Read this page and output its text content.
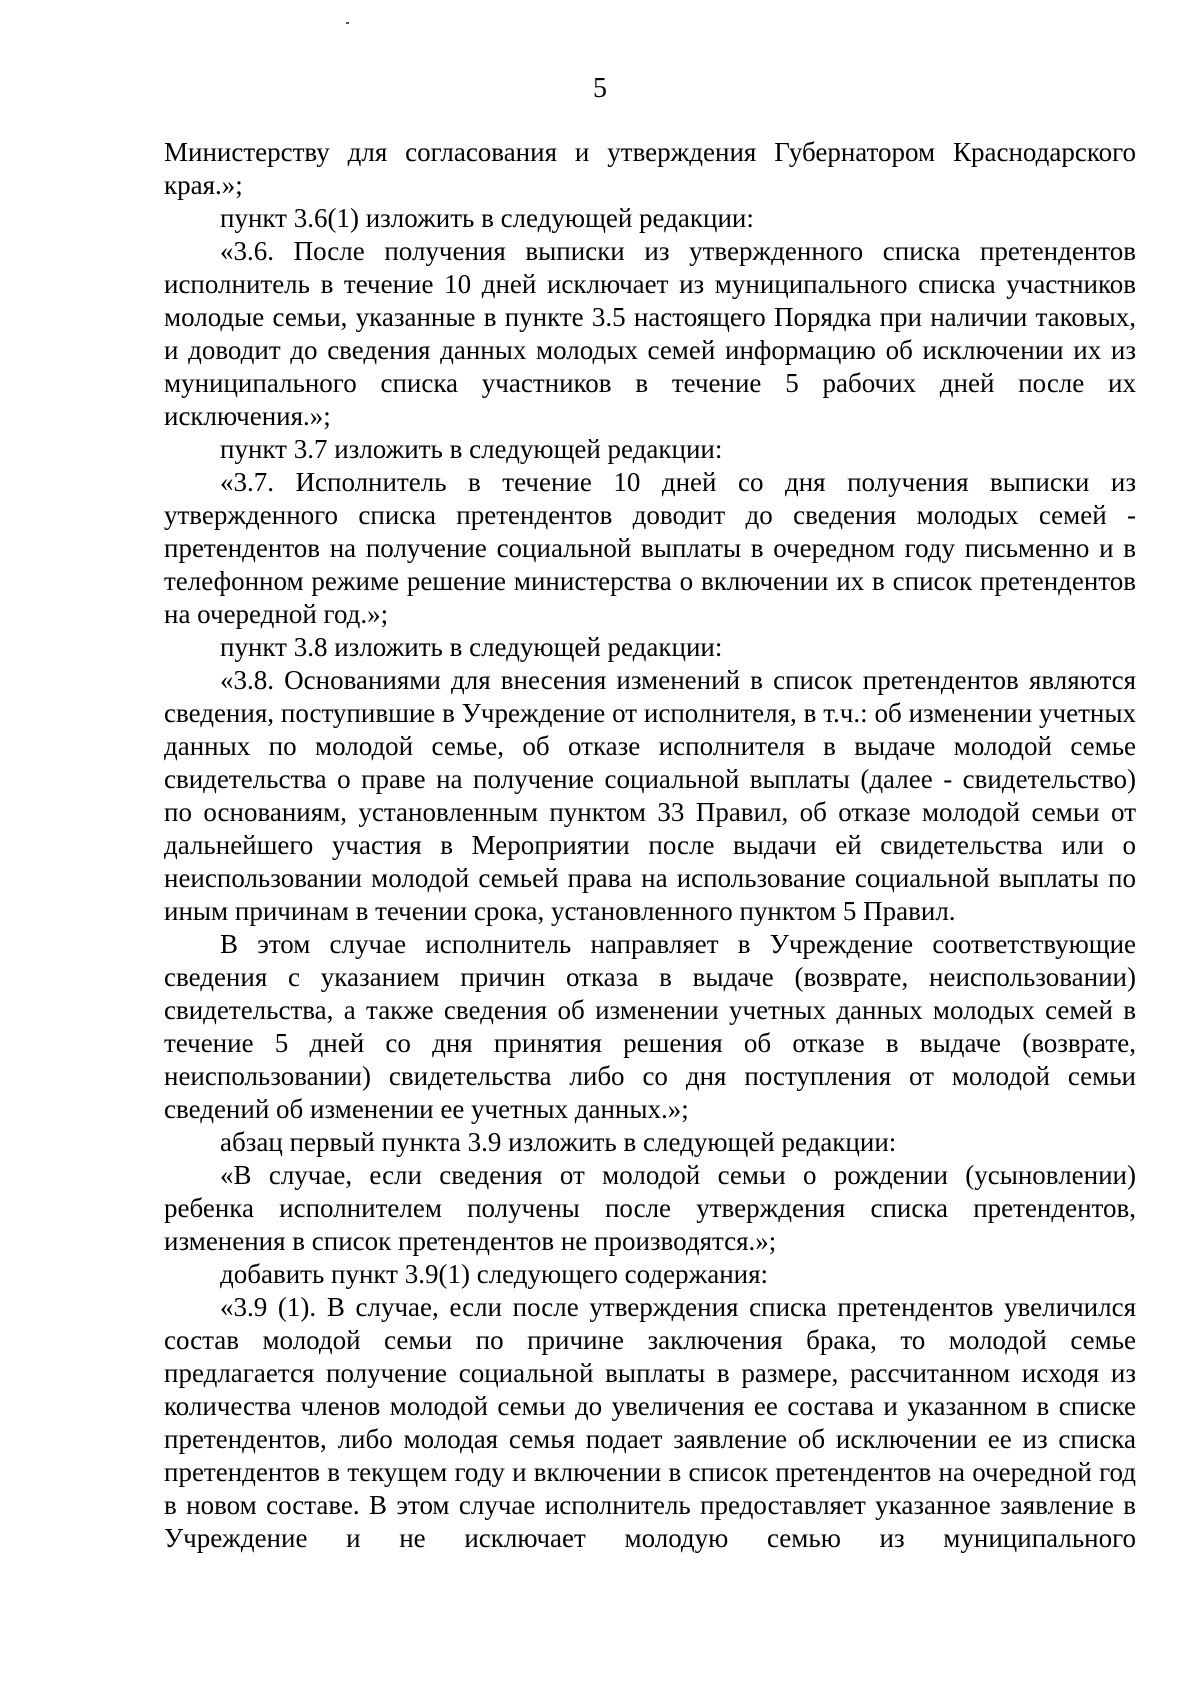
5

Министерству для согласования и утверждения Губернатором Краснодарского края.»;

пункт 3.6(1) изложить в следующей редакции:

«3.6. После получения выписки из утвержденного списка претендентов исполнитель в течение 10 дней исключает из муниципального списка участников молодые семьи, указанные в пункте 3.5 настоящего Порядка при наличии таковых, и доводит до сведения данных молодых семей информацию об исключении их из муниципального списка участников в течение 5 рабочих дней после их исключения.»;

пункт 3.7 изложить в следующей редакции:

«3.7. Исполнитель в течение 10 дней со дня получения выписки из утвержденного списка претендентов доводит до сведения молодых семей - претендентов на получение социальной выплаты в очередном году письменно и в телефонном режиме решение министерства о включении их в список претендентов на очередной год.»;

пункт 3.8 изложить в следующей редакции:

«3.8. Основаниями для внесения изменений в список претендентов являются сведения, поступившие в Учреждение от исполнителя, в т.ч.: об изменении учетных данных по молодой семье, об отказе исполнителя в выдаче молодой семье свидетельства о праве на получение социальной выплаты (далее - свидетельство) по основаниям, установленным пунктом 33 Правил, об отказе молодой семьи от дальнейшего участия в Мероприятии после выдачи ей свидетельства или о неиспользовании молодой семьей права на использование социальной выплаты по иным причинам в течении срока, установленного пунктом 5 Правил.

В этом случае исполнитель направляет в Учреждение соответствующие сведения с указанием причин отказа в выдаче (возврате, неиспользовании) свидетельства, а также сведения об изменении учетных данных молодых семей в течение 5 дней со дня принятия решения об отказе в выдаче (возврате, неиспользовании) свидетельства либо со дня поступления от молодой семьи сведений об изменении ее учетных данных.»;

абзац первый пункта 3.9 изложить в следующей редакции:

«В случае, если сведения от молодой семьи о рождении (усыновлении) ребенка исполнителем получены после утверждения списка претендентов, изменения в список претендентов не производятся.»;

добавить пункт 3.9(1) следующего содержания:

«3.9 (1). В случае, если после утверждения списка претендентов увеличился состав молодой семьи по причине заключения брака, то молодой семье предлагается получение социальной выплаты в размере, рассчитанном исходя из количества членов молодой семьи до увеличения ее состава и указанном в списке претендентов, либо молодая семья подает заявление об исключении ее из списка претендентов в текущем году и включении в список претендентов на очередной год в новом составе. В этом случае исполнитель предоставляет указанное заявление в Учреждение и не исключает молодую семью из муниципального
